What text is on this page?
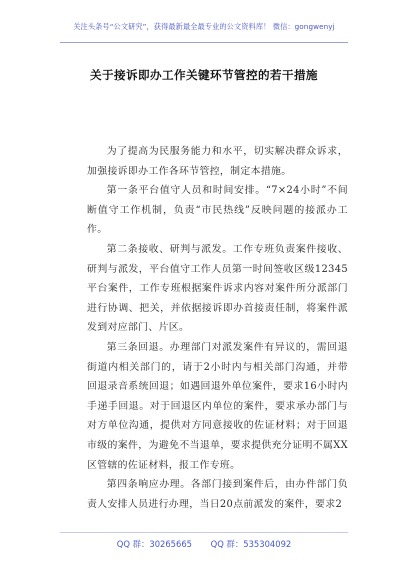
关注头条号“公文研究”，获得最新最全最专业的公文资料库！ 微信：gongwenyj
关于接诉即办工作关键环节管控的若干措施

为了提高为民服务能力和水平，切实解决群众诉求，加强接诉即办工作各环节管控，制定本措施。

第一条平台值守人员和时间安排。“7×24小时”不间断值守工作机制，负责“市民热线”反映问题的接派办工作。

第二条接收、研判与派发。工作专班负责案件接收、研判与派发，平台值守工作人员第一时间签收区级12345平台案件，工作专班根据案件诉求内容对案件所分派部门进行协调、把关，并依据接诉即办首接责任制，将案件派发到对应部门、片区。

第三条回退。办理部门对派发案件有异议的，需回退街道内相关部门的，请于2小时内与相关部门沟通，并带回退录音系统回退；如遇回退外单位案件，要求16小时内手递手回退。对于回退区内单位的案件，要求承办部门与对方单位沟通，提供对方同意接收的佐证材料；对于回退市级的案件，为避免不当退单，要求提供充分证明不属XX区管辖的佐证材料，报工作专班。

第四条响应办理。各部门接到案件后，由办件部门负责人安排人员进行办理，当日20点前派发的案件，要求2

QQ 群：30265665 QQ 群：535304092
